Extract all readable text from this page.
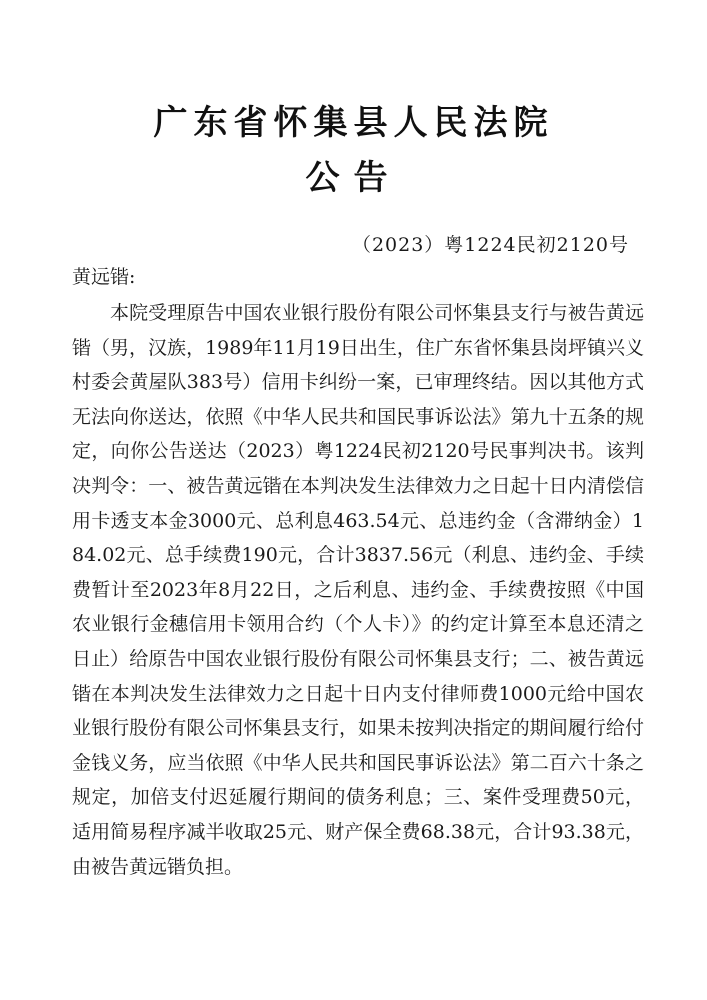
广东省怀集县人民法院
公告
（2023）粤1224民初2120号
黄远锴:

本院受理原告中国农业银行股份有限公司怀集县支行与被告黄远锴（男，汉族，1989年11月19日出生，住广东省怀集县岗坪镇兴义村委会黄屋队383号）信用卡纠纷一案，已审理终结。因以其他方式无法向你送达，依照《中华人民共和国民事诉讼法》第九十五条的规定，向你公告送达（2023）粤1224民初2120号民事判决书。该判决判令：一、被告黄远锴在本判决发生法律效力之日起十日内清偿信用卡透支本金3000元、总利息463.54元、总违约金（含滞纳金）184.02元、总手续费190元，合计3837.56元（利息、违约金、手续费暂计至2023年8月22日，之后利息、违约金、手续费按照《中国农业银行金穗信用卡领用合约（个人卡）》的约定计算至本息还清之日止）给原告中国农业银行股份有限公司怀集县支行；二、被告黄远锴在本判决发生法律效力之日起十日内支付律师费1000元给中国农业银行股份有限公司怀集县支行，如果未按判决指定的期间履行给付金钱义务，应当依照《中华人民共和国民事诉讼法》第二百六十条之规定，加倍支付迟延履行期间的债务利息；三、案件受理费50元，适用简易程序减半收取25元、财产保全费68.38元，合计93.38元，由被告黄远锴负担。
